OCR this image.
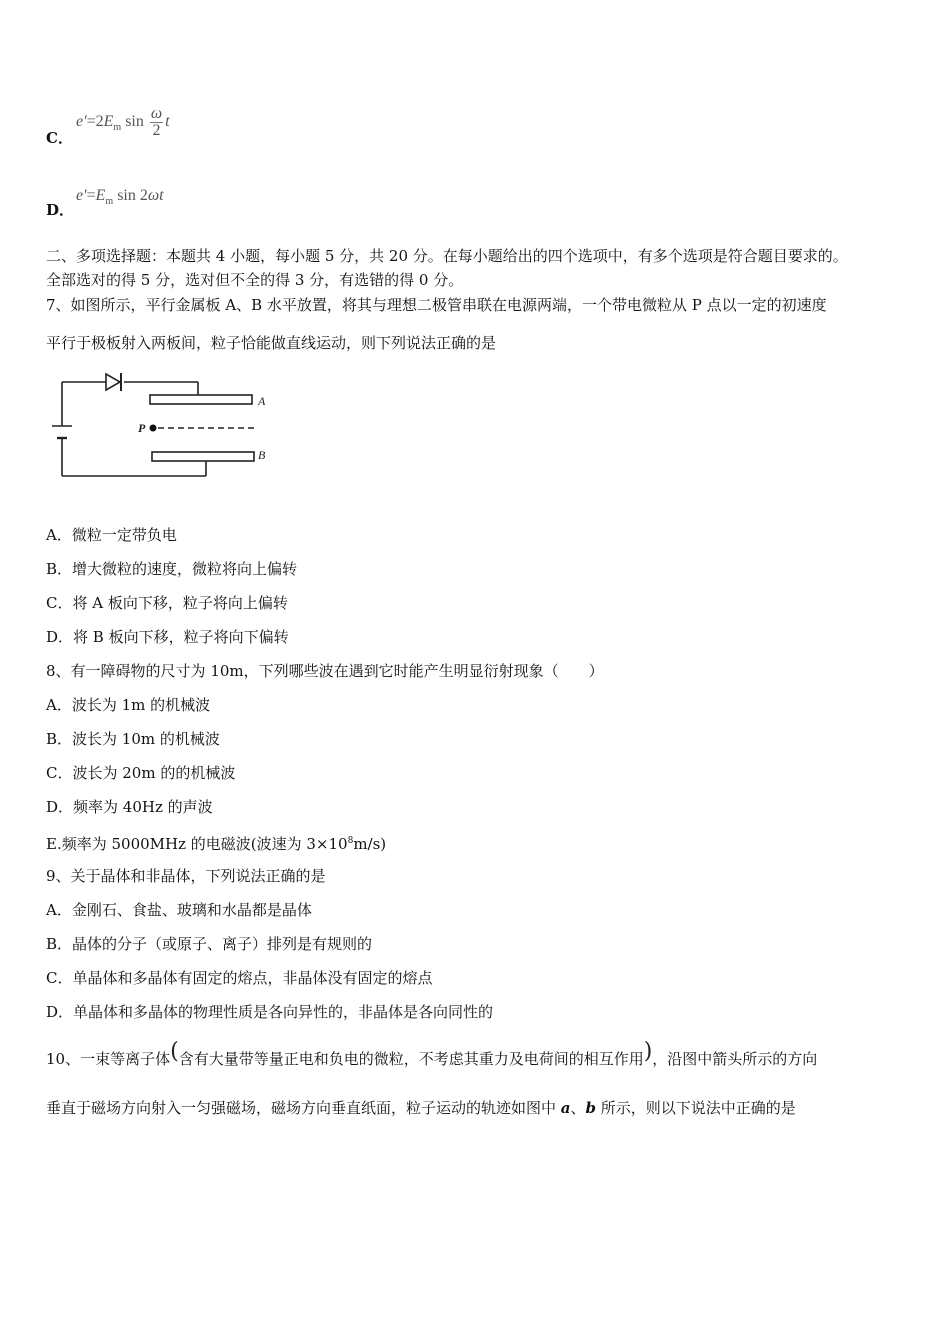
C．
$e'=2E_m$ $\sin \frac{\omega}{2}$ t
D．
$e'=E_m$ sin 2ωt
二、多项选择题：本题共 4 小题，每小题 5 分，共 20 分。在每小题给出的四个选项中，有多个选项是符合题目要求的。
全部选对的得 5 分，选对但不全的得 3 分，有选错的得 0 分。
7、如图所示，平行金属板 A、B 水平放置，将其与理想二极管串联在电源两端，一个带电微粒从 P 点以一定的初速度
平行于极板射入两板间，粒子恰能做直线运动，则下列说法正确的是
A
P
B
A．微粒一定带负电
B．增大微粒的速度，微粒将向上偏转
C．将 A 板向下移，粒子将向上偏转
D．将 B 板向下移，粒子将向下偏转
8、有一障碍物的尺寸为 10m，下列哪些波在遇到它时能产生明显衍射现象（　　）
A．波长为 1m 的机械波
B．波长为 10m 的机械波
C．波长为 20m 的的机械波
D．频率为 40Hz 的声波
E.频率为 5000MHz 的电磁波(波速为 $3\times 10^8m/s$)
9、关于晶体和非晶体，下列说法正确的是
A．金刚石、食盐、玻璃和水晶都是晶体
B．晶体的分子（或原子、离子）排列是有规则的
C．单晶体和多晶体有固定的熔点，非晶体没有固定的熔点
D．单晶体和多晶体的物理性质是各向异性的，非晶体是各向同性的
10、一束等离子体(含有大量带等量正电和负电的微粒，不考虑其重力及电荷间的相互作用)，沿图中箭头所示的方向
垂直于磁场方向射入一匀强磁场，磁场方向垂直纸面，粒子运动的轨迹如图中 a、b 所示，则以下说法中正确的是
